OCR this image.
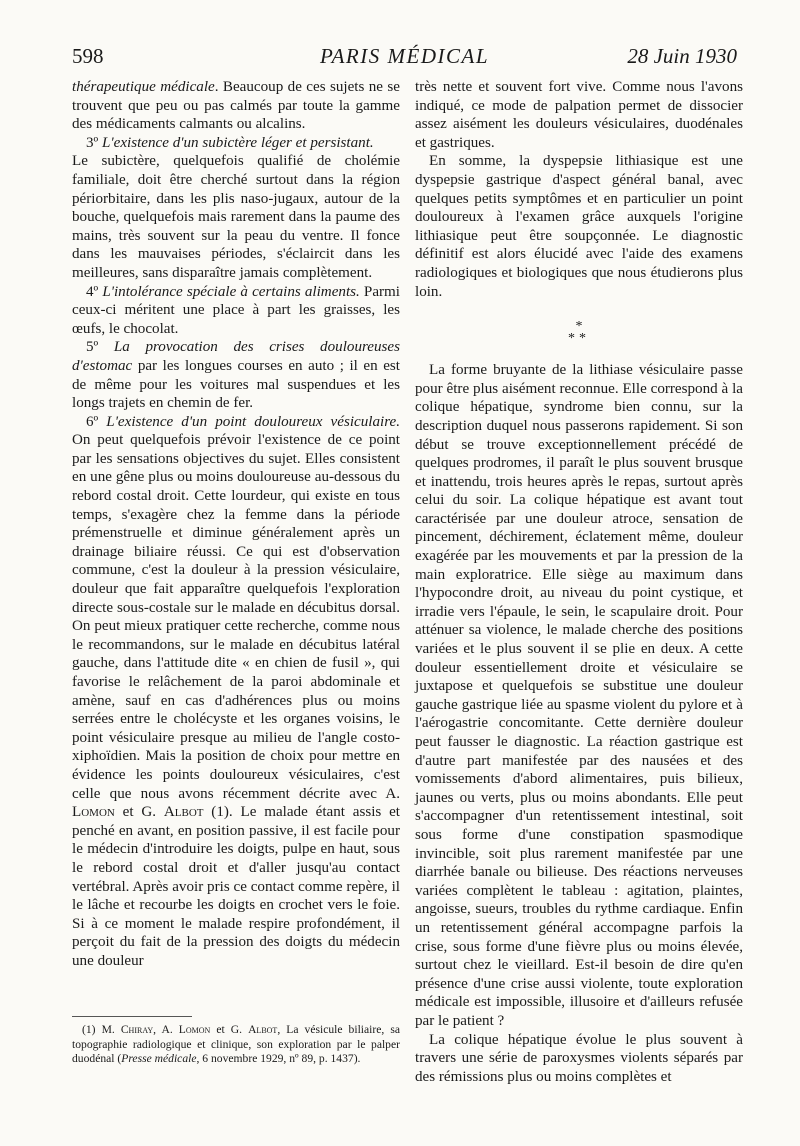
598	PARIS MÉDICAL	28 Juin 1930

thérapeutique médicale. Beaucoup de ces sujets ne se trouvent que peu ou pas calmés par toute la gamme des médicaments calmants ou alcalins.

3º L'existence d'un subictère léger et persistant.

Le subictère, quelquefois qualifié de cholémie familiale, doit être cherché surtout dans la région périorbitaire, dans les plis naso-jugaux, autour de la bouche, quelquefois mais rarement dans la paume des mains, très souvent sur la peau du ventre. Il fonce dans les mauvaises périodes, s'éclaircit dans les meilleures, sans disparaître jamais complètement.

4º L'intolérance spéciale à certains aliments. Parmi ceux-ci méritent une place à part les graisses, les œufs, le chocolat.

5º La provocation des crises douloureuses d'estomac par les longues courses en auto ; il en est de même pour les voitures mal suspendues et les longs trajets en chemin de fer.

6º L'existence d'un point douloureux vésiculaire. On peut quelquefois prévoir l'existence de ce point par les sensations objectives du sujet. Elles consistent en une gêne plus ou moins douloureuse au-dessous du rebord costal droit. Cette lourdeur, qui existe en tous temps, s'exagère chez la femme dans la période prémenstruelle et diminue généralement après un drainage biliaire réussi. Ce qui est d'observation commune, c'est la douleur à la pression vésiculaire, douleur que fait apparaître quelquefois l'exploration directe sous-costale sur le malade en décubitus dorsal. On peut mieux pratiquer cette recherche, comme nous le recommandons, sur le malade en décubitus latéral gauche, dans l'attitude dite « en chien de fusil », qui favorise le relâchement de la paroi abdominale et amène, sauf en cas d'adhérences plus ou moins serrées entre le cholécyste et les organes voisins, le point vésiculaire presque au milieu de l'angle costo-xiphoïdien. Mais la position de choix pour mettre en évidence les points douloureux vésiculaires, c'est celle que nous avons récemment décrite avec A. Lomon et G. Albot (1). Le malade étant assis et penché en avant, en position passive, il est facile pour le médecin d'introduire les doigts, pulpe en haut, sous le rebord costal droit et d'aller jusqu'au contact vertébral. Après avoir pris ce contact comme repère, il le lâche et recourbe les doigts en crochet vers le foie. Si à ce moment le malade respire profondément, il perçoit du fait de la pression des doigts du médecin une douleur

très nette et souvent fort vive. Comme nous l'avons indiqué, ce mode de palpation permet de dissocier assez aisément les douleurs vésiculaires, duodénales et gastriques.

En somme, la dyspepsie lithiasique est une dyspepsie gastrique d'aspect général banal, avec quelques petits symptômes et en particulier un point douloureux à l'examen grâce auxquels l'origine lithiasique peut être soupçonnée. Le diagnostic définitif est alors élucidé avec l'aide des examens radiologiques et biologiques que nous étudierons plus loin.

*
**

La forme bruyante de la lithiase vésiculaire passe pour être plus aisément reconnue. Elle correspond à la colique hépatique, syndrome bien connu, sur la description duquel nous passerons rapidement. Si son début se trouve exceptionnellement précédé de quelques prodromes, il paraît le plus souvent brusque et inattendu, trois heures après le repas, surtout après celui du soir. La colique hépatique est avant tout caractérisée par une douleur atroce, sensation de pincement, déchirement, éclatement même, douleur exagérée par les mouvements et par la pression de la main exploratrice. Elle siège au maximum dans l'hypocondre droit, au niveau du point cystique, et irradie vers l'épaule, le sein, le scapulaire droit. Pour atténuer sa violence, le malade cherche des positions variées et le plus souvent il se plie en deux. A cette douleur essentiellement droite et vésiculaire se juxtapose et quelquefois se substitue une douleur gauche gastrique liée au spasme violent du pylore et à l'aérogastrie concomitante. Cette dernière douleur peut fausser le diagnostic. La réaction gastrique est d'autre part manifestée par des nausées et des vomissements d'abord alimentaires, puis bilieux, jaunes ou verts, plus ou moins abondants. Elle peut s'accompagner d'un retentissement intestinal, soit sous forme d'une constipation spasmodique invincible, soit plus rarement manifestée par une diarrhée banale ou bilieuse. Des réactions nerveuses variées complètent le tableau : agitation, plaintes, angoisse, sueurs, troubles du rythme cardiaque. Enfin un retentissement général accompagne parfois la crise, sous forme d'une fièvre plus ou moins élevée, surtout chez le vieillard. Est-il besoin de dire qu'en présence d'une crise aussi violente, toute exploration médicale est impossible, illusoire et d'ailleurs refusée par le patient ?

La colique hépatique évolue le plus souvent à travers une série de paroxysmes violents séparés par des rémissions plus ou moins complètes et

(1) M. Chiray, A. Lomon et G. Albot, La vésicule biliaire, sa topographie radiologique et clinique, son exploration par le palper duodénal (Presse médicale, 6 novembre 1929, nº 89, p. 1437).
